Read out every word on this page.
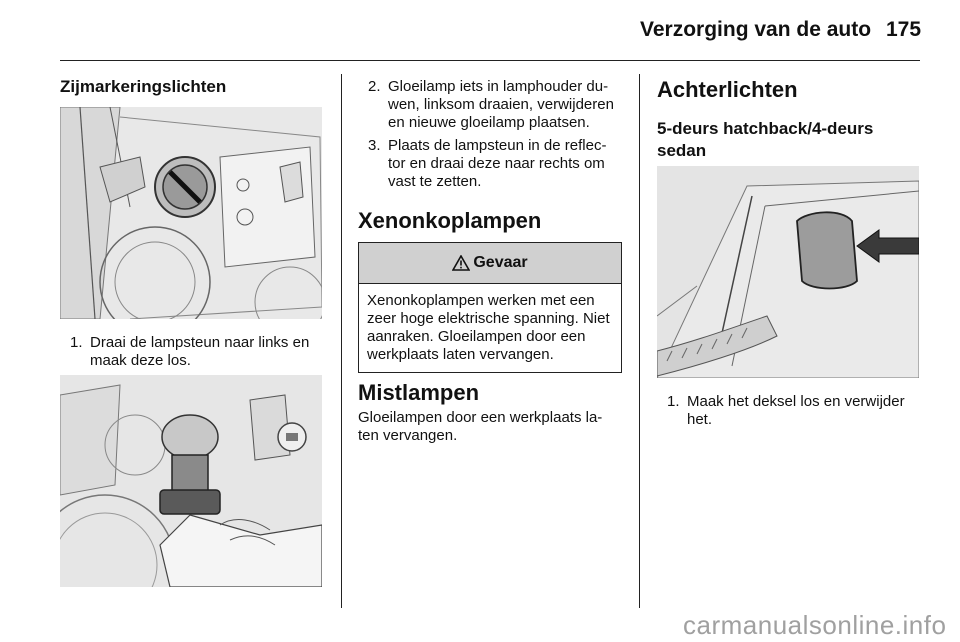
Verzorging van de auto 175
Zijmarkeringslichten
1. Draai de lampsteun naar links en maak deze los.
2. Gloeilamp iets in lamphouder du-wen, linksom draaien, verwijderen en nieuwe gloeilamp plaatsen.
3. Plaats de lampsteun in de reflec-tor en draai deze naar rechts om vast te zetten.
Xenonkoplampen
Gevaar
Xenonkoplampen werken met een zeer hoge elektrische spanning. Niet aanraken. Gloeilampen door een werkplaats laten vervangen.
Mistlampen
Gloeilampen door een werkplaats la-ten vervangen.
Achterlichten
5-deurs hatchback/4-deurs sedan
1. Maak het deksel los en verwijder het.
carmanualsonline.info
